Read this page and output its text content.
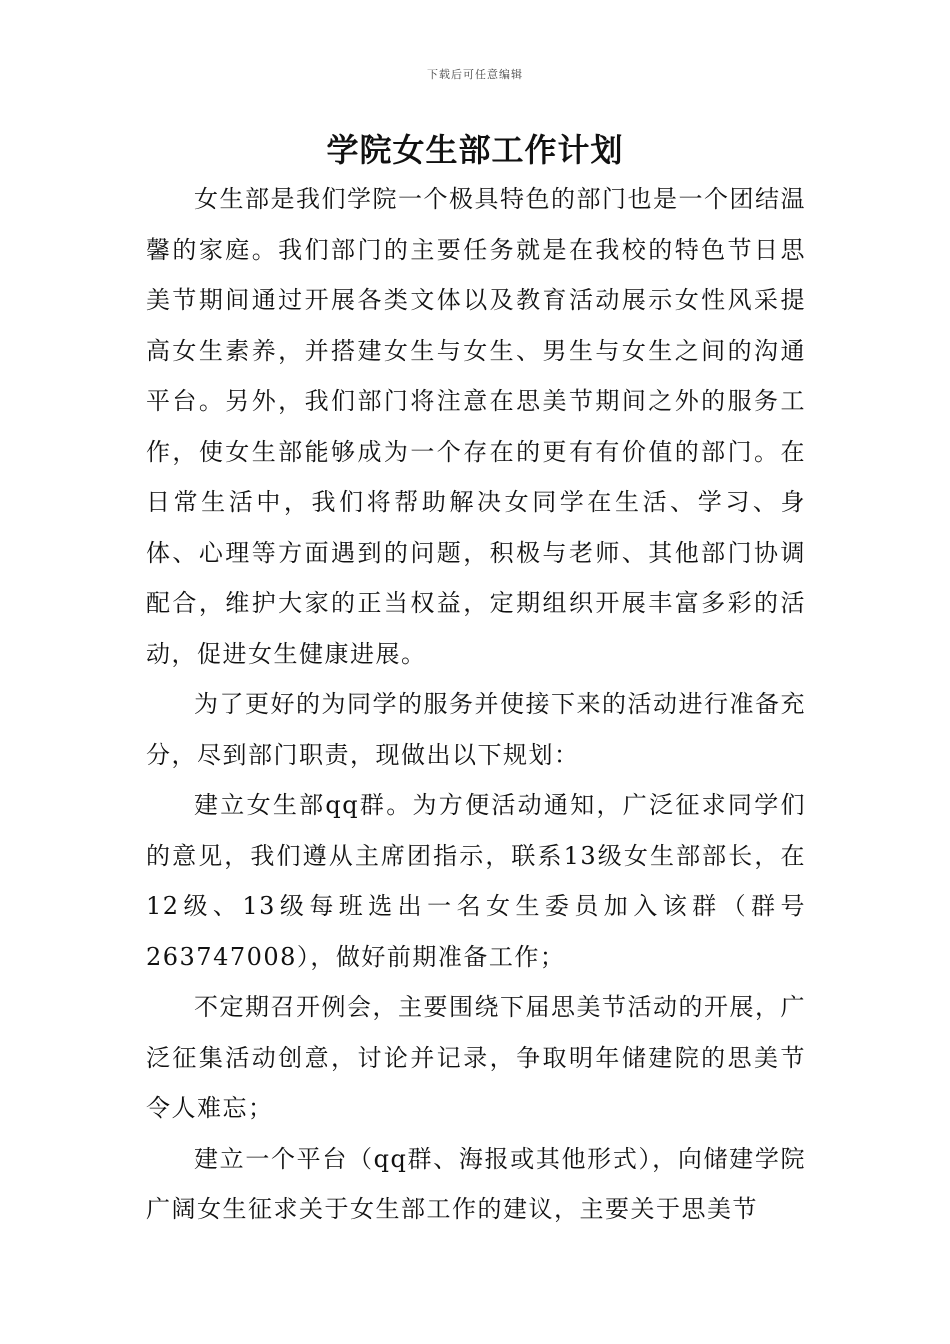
下载后可任意编辑
学院女生部工作计划

女生部是我们学院一个极具特色的部门也是一个团结温馨的家庭。我们部门的主要任务就是在我校的特色节日思美节期间通过开展各类文体以及教育活动展示女性风采提高女生素养，并搭建女生与女生、男生与女生之间的沟通平台。另外，我们部门将注意在思美节期间之外的服务工作，使女生部能够成为一个存在的更有有价值的部门。在日常生活中，我们将帮助解决女同学在生活、学习、身体、心理等方面遇到的问题，积极与老师、其他部门协调配合，维护大家的正当权益，定期组织开展丰富多彩的活动，促进女生健康进展。

为了更好的为同学的服务并使接下来的活动进行准备充分，尽到部门职责，现做出以下规划：

建立女生部qq群。为方便活动通知，广泛征求同学们的意见，我们遵从主席团指示，联系13级女生部部长，在12级、13级每班选出一名女生委员加入该群（群号263747008），做好前期准备工作；

不定期召开例会，主要围绕下届思美节活动的开展，广泛征集活动创意，讨论并记录，争取明年储建院的思美节令人难忘；

建立一个平台（qq群、海报或其他形式），向储建学院广阔女生征求关于女生部工作的建议，主要关于思美节
